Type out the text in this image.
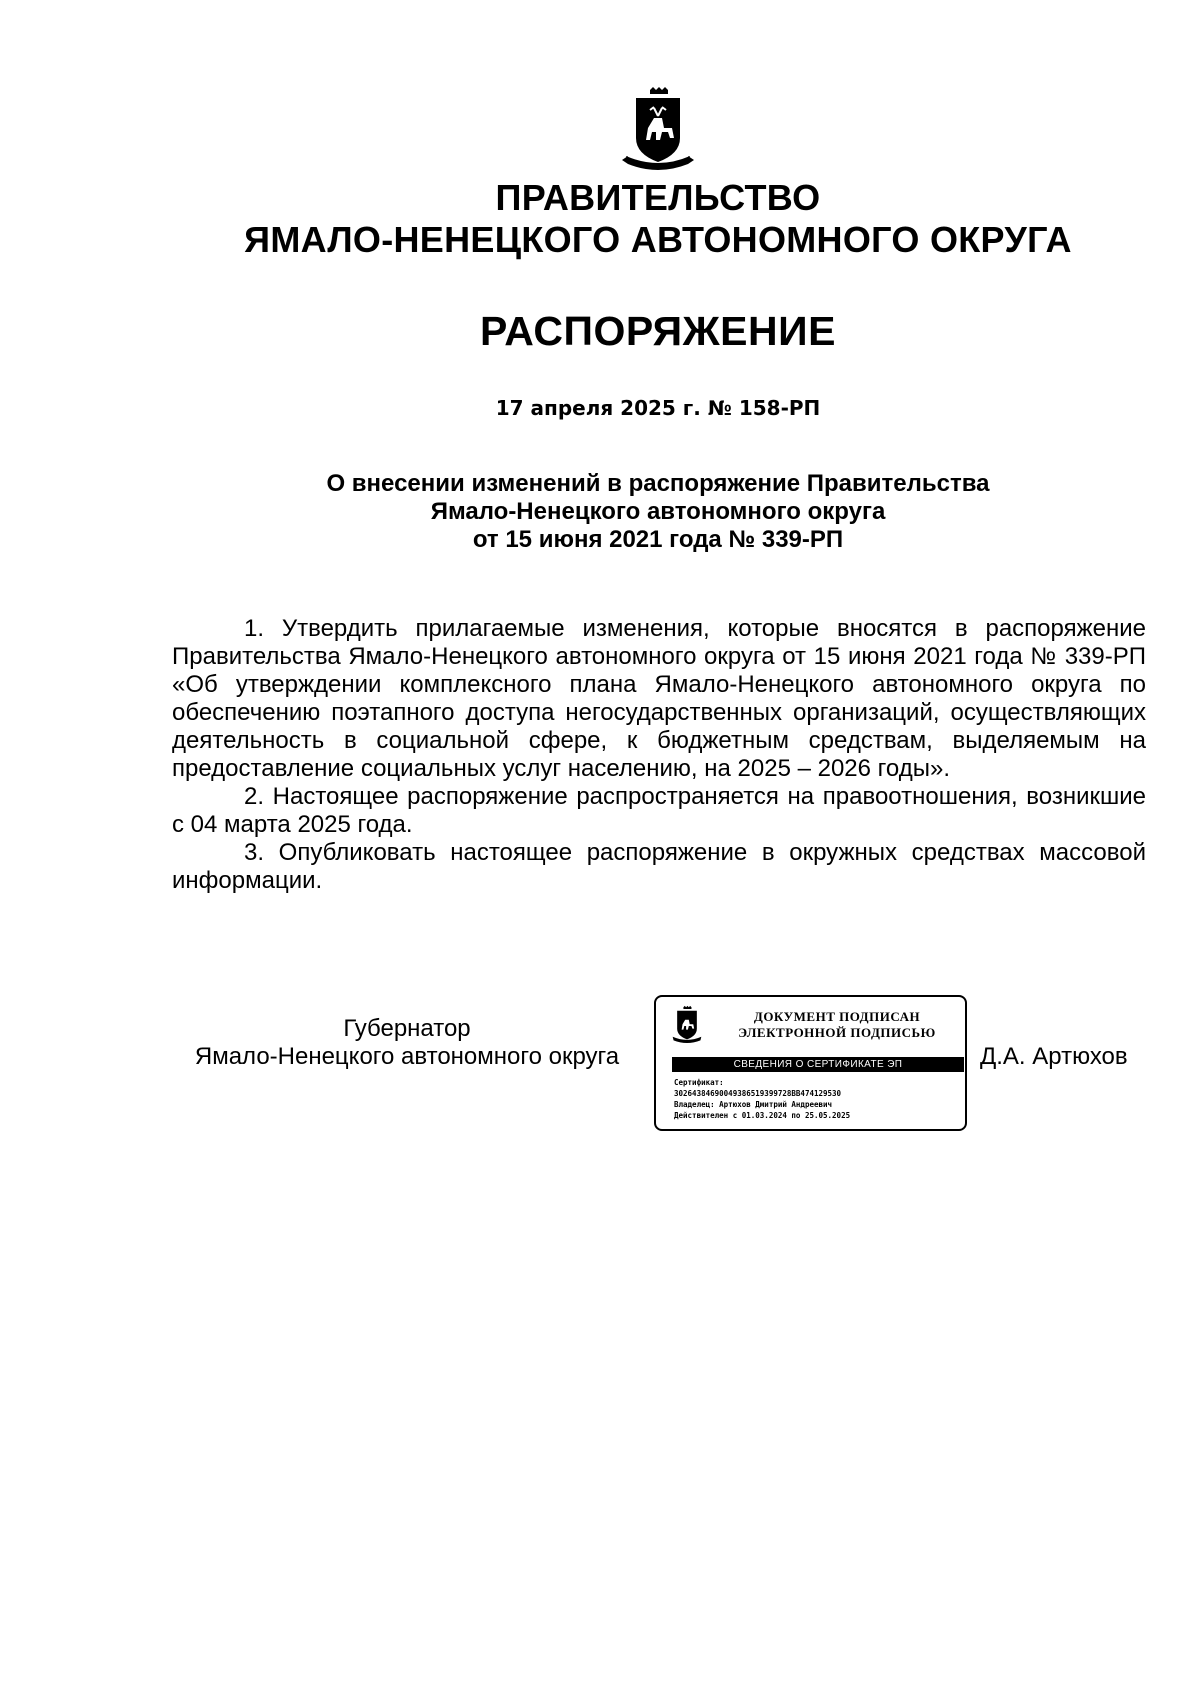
ПРАВИТЕЛЬСТВО
ЯМАЛО-НЕНЕЦКОГО АВТОНОМНОГО ОКРУГА
РАСПОРЯЖЕНИЕ
17 апреля 2025 г. № 158-РП
О внесении изменений в распоряжение Правительства
Ямало-Ненецкого автономного округа
от 15 июня 2021 года № 339-РП

1. Утвердить прилагаемые изменения, которые вносятся в распоряжение Правительства Ямало-Ненецкого автономного округа от 15 июня 2021 года № 339-РП «Об утверждении комплексного плана Ямало-Ненецкого автономного округа по обеспечению поэтапного доступа негосударственных организаций, осуществляющих деятельность в социальной сфере, к бюджетным средствам, выделяемым на предоставление социальных услуг населению, на 2025 – 2026 годы».

2. Настоящее распоряжение распространяется на правоотношения, возникшие с 04 марта 2025 года.

3. Опубликовать настоящее распоряжение в окружных средствах массовой информации.

Губернатор
Ямало-Ненецкого автономного округа
ДОКУМЕНТ ПОДПИСАН
ЭЛЕКТРОННОЙ ПОДПИСЬЮ
СВЕДЕНИЯ О СЕРТИФИКАТЕ ЭП
Сертификат:
30264384690049386519399728BB4741295З0
Владелец: Артюхов Дмитрий Андреевич
Действителен с 01.03.2024 по 25.05.2025
Д.А. Артюхов
